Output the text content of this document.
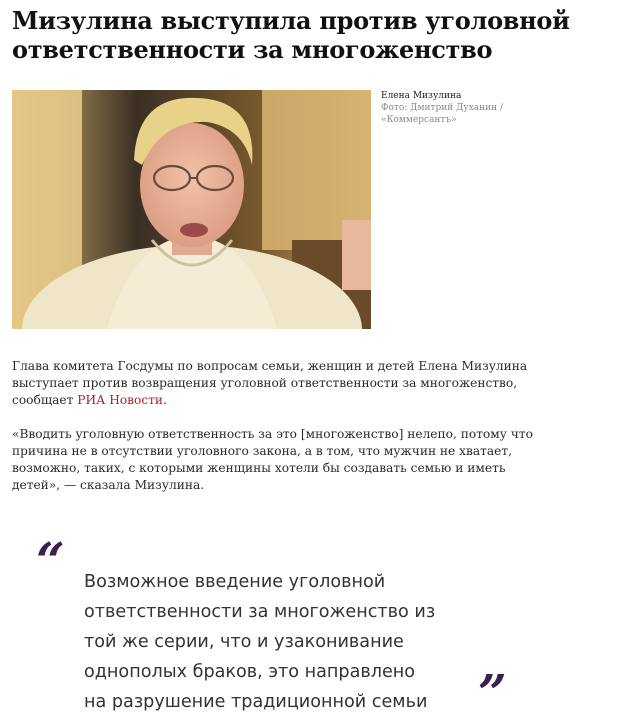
Мизулина выступила против уголовной ответственности за многоженство
Елена Мизулина
Фото: Дмитрий Духанин /
«Коммерсантъ»

Глава комитета Госдумы по вопросам семьи, женщин и детей Елена Мизулина выступает против возвращения уголовной ответственности за многоженство, сообщает РИА Новости.

«Вводить уголовную ответственность за это [многоженство] нелепо, потому что причина не в отсутствии уголовного закона, а в том, что мужчин не хватает, возможно, таких, с которыми женщины хотели бы создавать семью и иметь детей», — сказала Мизулина.

“ Возможное введение уголовной
ответственности за многоженство из
той же серии, что и узаконивание
однополых браков, это направлено
на разрушение традиционной семьи	”
